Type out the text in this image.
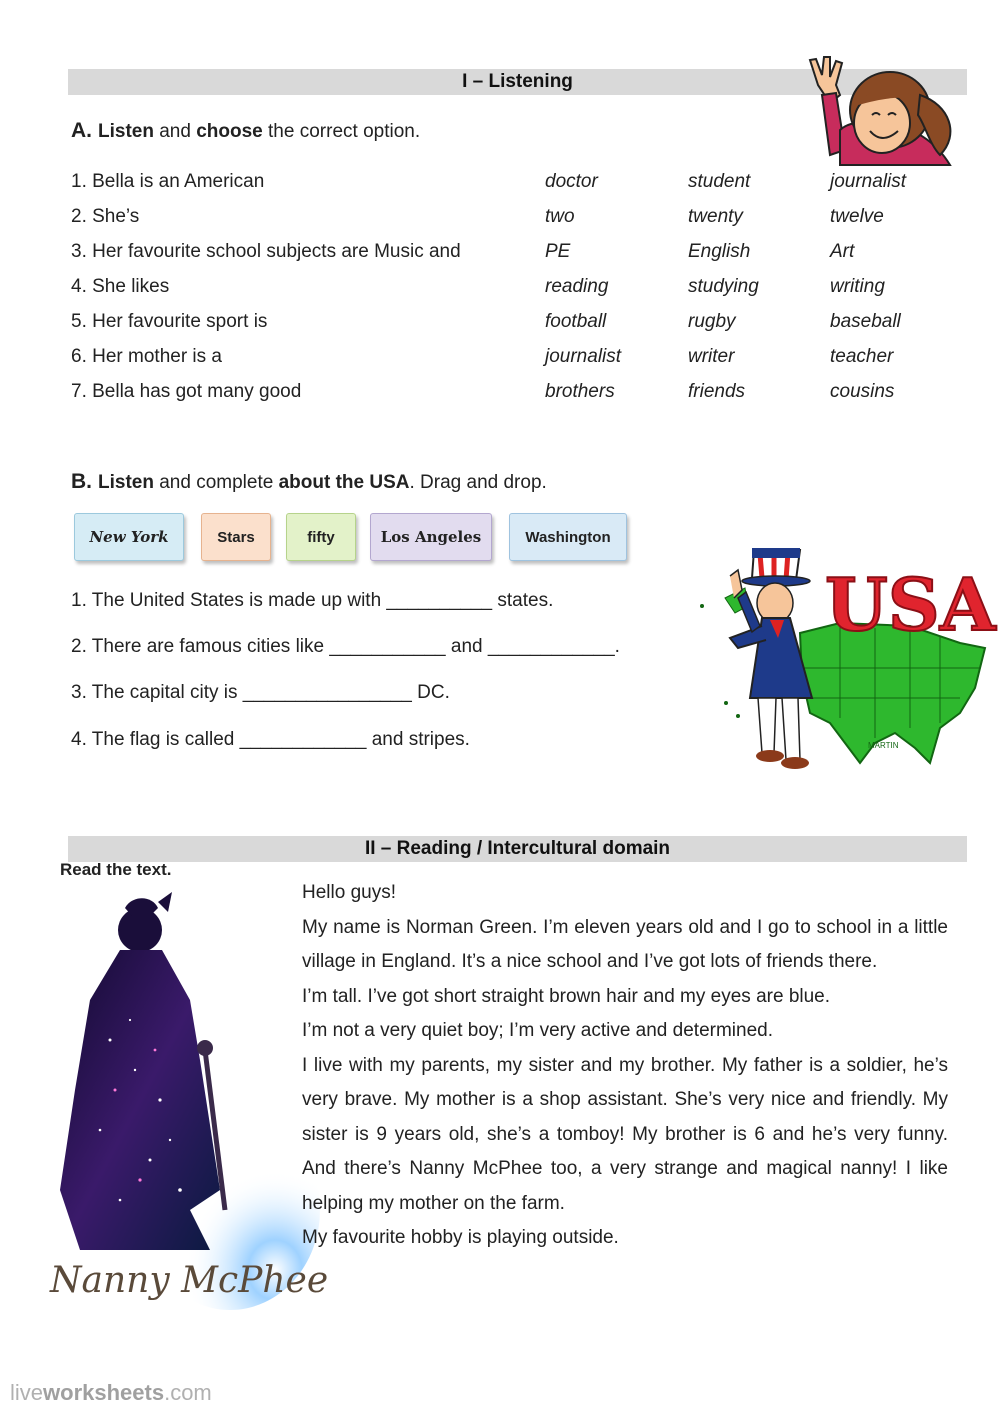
I – Listening
A. Listen and choose the correct option.
1. Bella is an American	doctor	student	journalist
2. She’s	two	twenty	twelve
3. Her favourite school subjects are Music and	PE	English	Art
4. She likes	reading	studying	writing
5. Her favourite sport is	football	rugby	baseball
6. Her mother is a	journalist	writer	teacher
7. Bella has got many good	brothers	friends	cousins
B. Listen and complete about the USA. Drag and drop.
New York	Stars	fifty	Los Angeles	Washington
1. The United States is made up with __________ states.
2. There are famous cities like ___________ and ____________.
3. The capital city is ________________ DC.
4. The flag is called ____________ and stripes.	MARTIN
USA
II – Reading / Intercultural domain
Read the text.
Nanny McPhee

Hello guys!

My name is Norman Green. I’m eleven years old and I go to school in a little village in England. It’s a nice school and I’ve got lots of friends there.

I’m tall. I’ve got short straight brown hair and my eyes are blue.

I’m not a very quiet boy; I’m very active and determined.

I live with my parents, my sister and my brother. My father is a soldier, he’s very brave. My mother is a shop assistant. She’s very nice and friendly. My sister is 9 years old, she’s a tomboy! My brother is 6 and he’s very funny. And there’s Nanny McPhee too, a very strange and magical nanny! I like helping my mother on the farm.

My favourite hobby is playing outside.

liveworksheets.com
